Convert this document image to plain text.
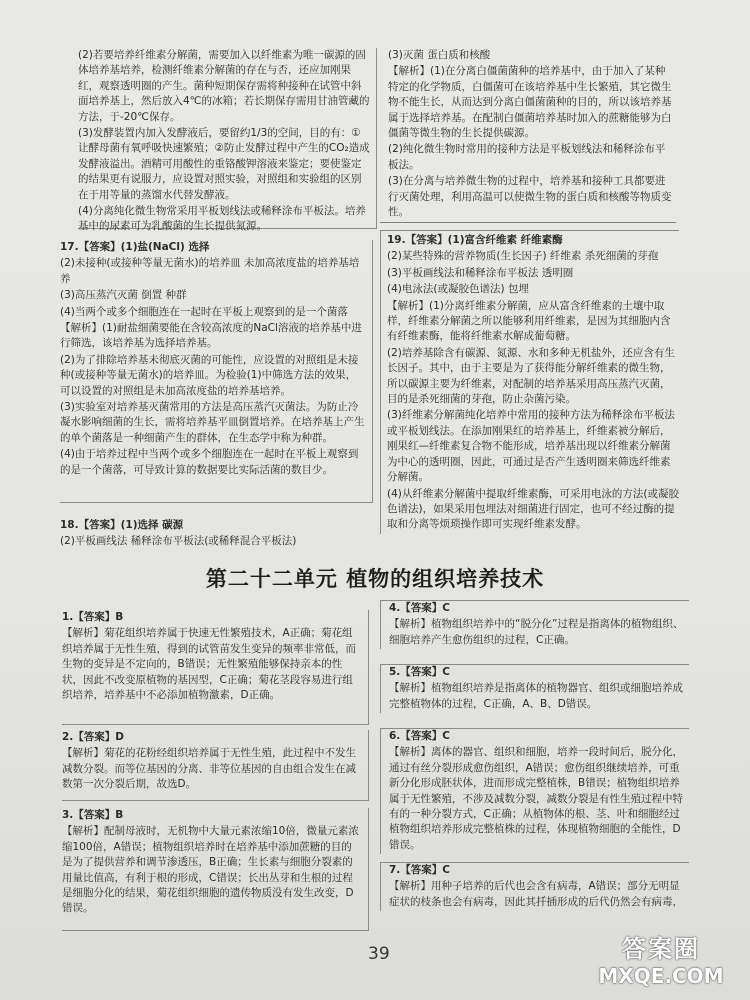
(2)若要培养纤维素分解菌，需要加入以纤维素为唯一碳源的固体培养基培养，检测纤维素分解菌的存在与否，还应加刚果红，观察透明圈的产生。菌种短期保存需将种接种在试管中斜面培养基上，然后放入4℃的冰箱；若长期保存需用甘油管藏的方法，于-20℃保存。

(3)发酵装置内加入发酵液后，要留约1/3的空间，目的有：①让酵母菌有氧呼吸快速繁殖；②防止发酵过程中产生的CO₂造成发酵液溢出。酒精可用酸性的重铬酸钾溶液来鉴定；要使鉴定的结果更有说服力，应设置对照实验，对照组和实验组的区别在于用等量的蒸馏水代替发酵液。

(4)分离纯化微生物常采用平板划线法或稀释涂布平板法。培养基中的尿素可为乳酸菌的生长提供氮源。

(3)灭菌 蛋白质和核酸

【解析】(1)在分离白僵菌菌种的培养基中，由于加入了某种特定的化学物质，白僵菌可在该培养基中生长繁殖，其它微生物不能生长，从而达到分离白僵菌菌种的目的，所以该培养基属于选择培养基。在配制白僵菌培养基时加入的蔗糖能够为白僵菌等微生物的生长提供碳源。

(2)纯化微生物时常用的接种方法是平板划线法和稀释涂布平板法。

(3)在分离与培养微生物的过程中，培养基和接种工具都要进行灭菌处理，利用高温可以使微生物的蛋白质和核酸等物质变性。

17.【答案】(1)盐(NaCl) 选择

(2)未接种(或接种等量无菌水)的培养皿 未加高浓度盐的培养基培养

(3)高压蒸汽灭菌 倒置 种群

(4)当两个或多个细胞连在一起时在平板上观察到的是一个菌落

【解析】(1)耐盐细菌要能在含较高浓度的NaCl溶液的培养基中进行筛选，该培养基为选择培养基。

(2)为了排除培养基未彻底灭菌的可能性，应设置的对照组是未接种(或接种等量无菌水)的培养皿。为检验(1)中筛选方法的效果，可以设置的对照组是未加高浓度盐的培养基培养。

(3)实验室对培养基灭菌常用的方法是高压蒸汽灭菌法。为防止冷凝水影响细菌的生长，需将培养基平皿倒置培养。在培养基上产生的单个菌落是一种细菌产生的群体，在生态学中称为种群。

(4)由于培养过程中当两个或多个细胞连在一起时在平板上观察到的是一个菌落，可导致计算的数据要比实际活菌的数目少。

19.【答案】(1)富含纤维素 纤维素酶

(2)某些特殊的营养物质(生长因子) 纤维素 杀死细菌的芽孢

(3)平板画线法和稀释涂布平板法 透明圈

(4)电泳法(或凝胶色谱法) 包埋

【解析】(1)分离纤维素分解菌，应从富含纤维素的土壤中取样，纤维素分解菌之所以能够利用纤维素，是因为其细胞内含有纤维素酶，能将纤维素水解成葡萄糖。

(2)培养基除含有碳源、氮源、水和多种无机盐外，还应含有生长因子。其中，由于主要是为了获得能分解纤维素的微生物，所以碳源主要为纤维素，对配制的培养基采用高压蒸汽灭菌，目的是杀死细菌的芽孢，防止杂菌污染。

(3)纤维素分解菌纯化培养中常用的接种方法为稀释涂布平板法或平板划线法。在添加刚果红的培养基上，纤维素被分解后，刚果红—纤维素复合物不能形成，培养基出现以纤维素分解菌为中心的透明圈，因此，可通过是否产生透明圈来筛选纤维素分解菌。

(4)从纤维素分解菌中提取纤维素酶，可采用电泳的方法(或凝胶色谱法)，如果采用包埋法对细菌进行固定，也可不经过酶的提取和分离等烦琐操作即可实现纤维素发酵。

18.【答案】(1)选择 碳源

(2)平板画线法 稀释涂布平板法(或稀释混合平板法)

第二十二单元 植物的组织培养技术

1.【答案】B

【解析】菊花组织培养属于快速无性繁殖技术，A正确；菊花组织培养属于无性生殖，得到的试管苗发生变异的频率非常低，而生物的变异是不定向的，B错误；无性繁殖能够保持亲本的性状，因此不改变原植物的基因型，C正确；菊花茎段容易进行组织培养，培养基中不必添加植物激素，D正确。

2.【答案】D

【解析】菊花的花粉经组织培养属于无性生殖，此过程中不发生减数分裂。而等位基因的分离、非等位基因的自由组合发生在减数第一次分裂后期，故选D。

3.【答案】B

【解析】配制母液时，无机物中大量元素浓缩10倍，微量元素浓缩100倍，A错误；植物组织培养时在培养基中添加蔗糖的目的是为了提供营养和调节渗透压，B正确；生长素与细胞分裂素的用量比值高，有利于根的形成，C错误；长出丛芽和生根的过程是细胞分化的结果，菊花组织细胞的遗传物质没有发生改变，D错误。

4.【答案】C

【解析】植物组织培养中的“脱分化”过程是指离体的植物组织、细胞培养产生愈伤组织的过程，C正确。

5.【答案】C

【解析】植物组织培养是指离体的植物器官、组织或细胞培养成完整植物体的过程，C正确，A、B、D错误。

6.【答案】C

【解析】离体的器官、组织和细胞，培养一段时间后，脱分化，通过有丝分裂形成愈伤组织，A错误；愈伤组织继续培养，可重新分化形成胚状体，进而形成完整植株，B错误；植物组织培养属于无性繁殖，不涉及减数分裂，减数分裂是有性生殖过程中特有的一种分裂方式，C正确；从植物体的根、茎、叶和细胞经过植物组织培养形成完整植株的过程，体现植物细胞的全能性，D错误。

7.【答案】C

【解析】用种子培养的后代也会含有病毒，A错误；部分无明显症状的枝条也会有病毒，因此其扦插形成的后代仍然会有病毒，

39	答案圈
MXQE.COM
